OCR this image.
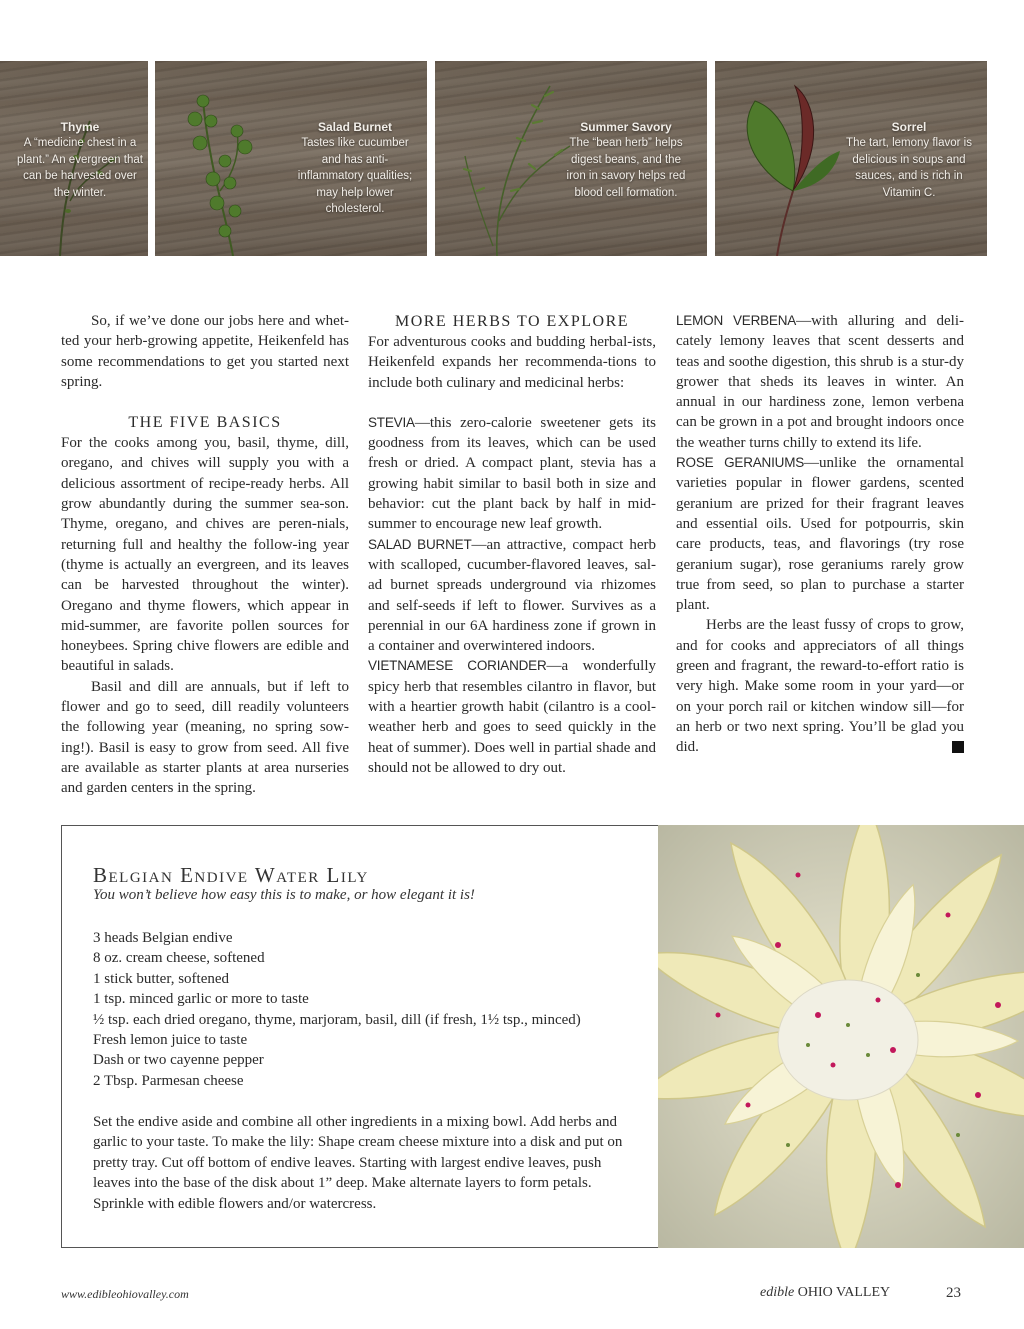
Thyme
A “medicine chest in a plant.” An evergreen that can be harvested over the winter.
Salad Burnet
Tastes like cucumber and has anti-inflammatory qualities; may help lower cholesterol.
Summer Savory
The “bean herb” helps digest beans, and the iron in savory helps red blood cell formation.
Sorrel
The tart, lemony flavor is delicious in soups and sauces, and is rich in Vitamin C.

So, if we’ve done our jobs here and whet-ted your herb-growing appetite, Heikenfeld has some recommendations to get you started next spring.

THE FIVE BASICS

For the cooks among you, basil, thyme, dill, oregano, and chives will supply you with a delicious assortment of recipe-ready herbs. All grow abundantly during the summer sea-son. Thyme, oregano, and chives are peren-nials, returning full and healthy the follow-ing year (thyme is actually an evergreen, and its leaves can be harvested throughout the winter). Oregano and thyme flowers, which appear in mid-summer, are favorite pollen sources for honeybees. Spring chive flowers are edible and beautiful in salads.

Basil and dill are annuals, but if left to flower and go to seed, dill readily volunteers the following year (meaning, no spring sow-ing!). Basil is easy to grow from seed. All five are available as starter plants at area nurseries and garden centers in the spring.

MORE HERBS TO EXPLORE

For adventurous cooks and budding herbal-ists, Heikenfeld expands her recommenda-tions to include both culinary and medicinal herbs:

STEVIA—this zero-calorie sweetener gets its goodness from its leaves, which can be used fresh or dried. A compact plant, stevia has a growing habit similar to basil both in size and behavior: cut the plant back by half in mid-summer to encourage new leaf growth.

SALAD BURNET—an attractive, compact herb with scalloped, cucumber-flavored leaves, sal-ad burnet spreads underground via rhizomes and self-seeds if left to flower. Survives as a perennial in our 6A hardiness zone if grown in a container and overwintered indoors.

VIETNAMESE CORIANDER—a wonderfully spicy herb that resembles cilantro in flavor, but with a heartier growth habit (cilantro is a cool-weather herb and goes to seed quickly in the heat of summer). Does well in partial shade and should not be allowed to dry out.

LEMON VERBENA—with alluring and deli-cately lemony leaves that scent desserts and teas and soothe digestion, this shrub is a stur-dy grower that sheds its leaves in winter. An annual in our hardiness zone, lemon verbena can be grown in a pot and brought indoors once the weather turns chilly to extend its life.

ROSE GERANIUMS—unlike the ornamental varieties popular in flower gardens, scented geranium are prized for their fragrant leaves and essential oils. Used for potpourris, skin care products, teas, and flavorings (try rose geranium sugar), rose geraniums rarely grow true from seed, so plan to purchase a starter plant.

Herbs are the least fussy of crops to grow, and for cooks and appreciators of all things green and fragrant, the reward-to-effort ratio is very high. Make some room in your yard—or on your porch rail or kitchen window sill—for an herb or two next spring. You’ll be glad you did.

Belgian Endive Water Lily
You won’t believe how easy this is to make, or how elegant it is!
3 heads Belgian endive
8 oz. cream cheese, softened
1 stick butter, softened
1 tsp. minced garlic or more to taste
½ tsp. each dried oregano, thyme, marjoram, basil, dill (if fresh, 1½ tsp., minced)
Fresh lemon juice to taste
Dash or two cayenne pepper
2 Tbsp. Parmesan cheese

Set the endive aside and combine all other ingredients in a mixing bowl. Add herbs and garlic to your taste. To make the lily: Shape cream cheese mixture into a disk and put on pretty tray. Cut off bottom of endive leaves. Starting with largest endive leaves, push leaves into the base of the disk about 1” deep. Make alternate layers to form petals. Sprinkle with edible flowers and/or watercress.

www.edibleohiovalley.com	edible OHIO VALLEY	23
